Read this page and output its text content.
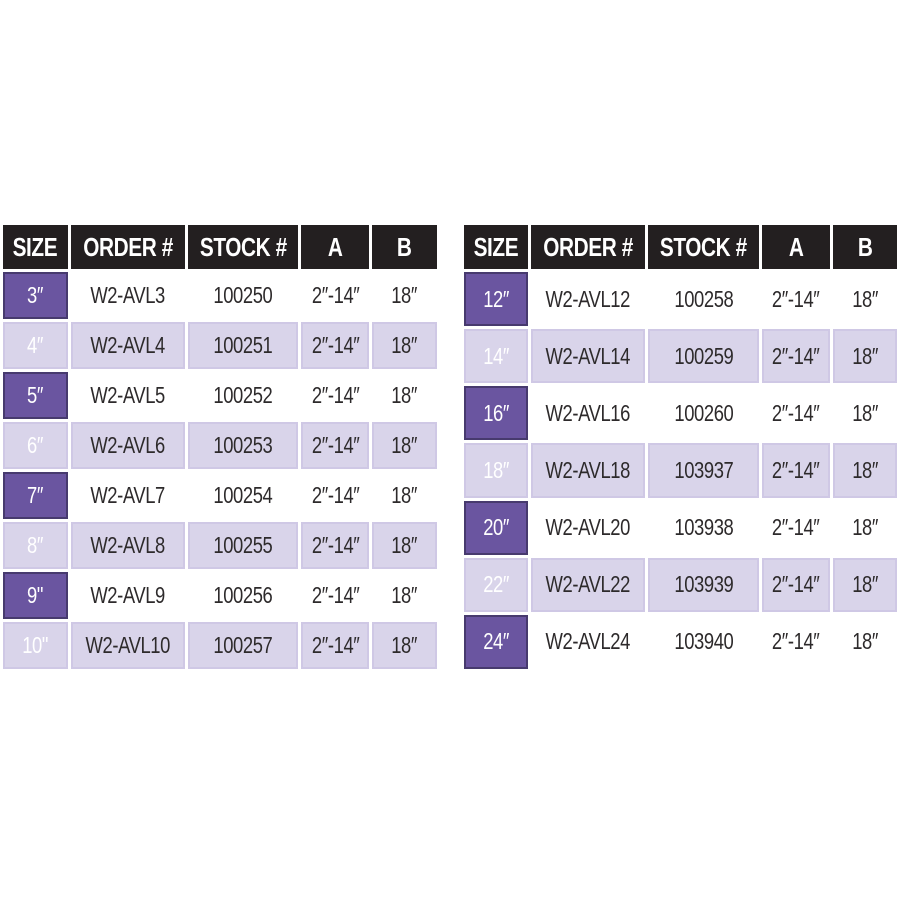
SIZE	ORDER #	STOCK #	A	B
3″	W2-AVL3	100250	2″-14″	18″
4″	W2-AVL4	100251	2″-14″	18″
5″	W2-AVL5	100252	2″-14″	18″
6″	W2-AVL6	100253	2″-14″	18″
7″	W2-AVL7	100254	2″-14″	18″
8″	W2-AVL8	100255	2″-14″	18″
9"	W2-AVL9	100256	2″-14″	18″
10"	W2-AVL10	100257	2″-14″	18″
SIZE	ORDER #	STOCK #	A	B
12″	W2-AVL12	100258	2″-14″	18″
14″	W2-AVL14	100259	2″-14″	18″
16″	W2-AVL16	100260	2″-14″	18″
18″	W2-AVL18	103937	2″-14″	18″
20″	W2-AVL20	103938	2″-14″	18″
22″	W2-AVL22	103939	2″-14″	18″
24″	W2-AVL24	103940	2″-14″	18″
